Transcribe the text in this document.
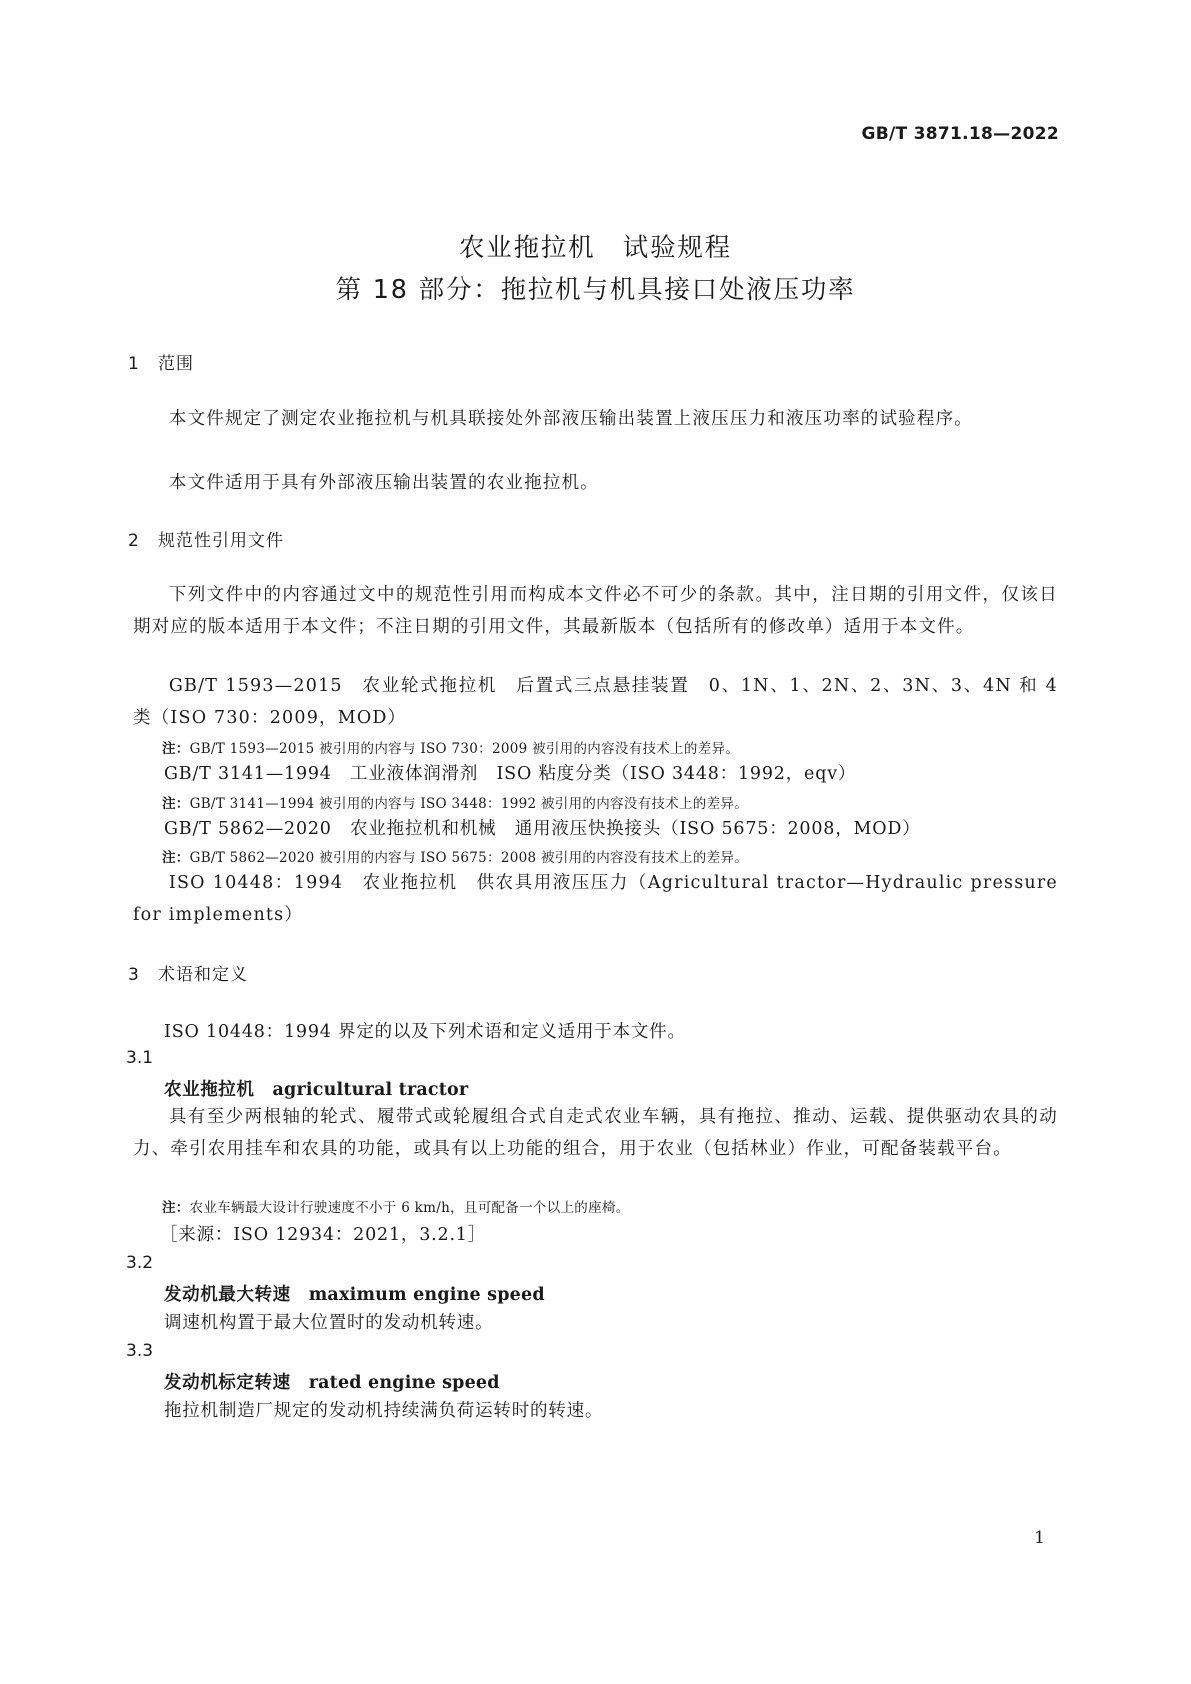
GB/T 3871.18—2022
农业拖拉机　试验规程
第 18 部分：拖拉机与机具接口处液压功率
1 范围

本文件规定了测定农业拖拉机与机具联接处外部液压输出装置上液压压力和液压功率的试验程序。

本文件适用于具有外部液压输出装置的农业拖拉机。

2 规范性引用文件

下列文件中的内容通过文中的规范性引用而构成本文件必不可少的条款。其中，注日期的引用文件，仅该日期对应的版本适用于本文件；不注日期的引用文件，其最新版本（包括所有的修改单）适用于本文件。

GB/T 1593—2015　农业轮式拖拉机　后置式三点悬挂装置　0、1N、1、2N、2、3N、3、4N 和 4 类（ISO 730：2009，MOD）

注：GB/T 1593—2015 被引用的内容与 ISO 730：2009 被引用的内容没有技术上的差异。
GB/T 3141—1994　工业液体润滑剂　ISO 粘度分类（ISO 3448：1992，eqv）
注：GB/T 3141—1994 被引用的内容与 ISO 3448：1992 被引用的内容没有技术上的差异。
GB/T 5862—2020　农业拖拉机和机械　通用液压快换接头（ISO 5675：2008，MOD）
注：GB/T 5862—2020 被引用的内容与 ISO 5675：2008 被引用的内容没有技术上的差异。

ISO 10448：1994　农业拖拉机　供农具用液压压力（Agricultural tractor—Hydraulic pressure for implements）

3 术语和定义
ISO 10448：1994 界定的以及下列术语和定义适用于本文件。
3.1
农业拖拉机 agricultural tractor

具有至少两根轴的轮式、履带式或轮履组合式自走式农业车辆，具有拖拉、推动、运载、提供驱动农具的动力、牵引农用挂车和农具的功能，或具有以上功能的组合，用于农业（包括林业）作业，可配备装载平台。

注：农业车辆最大设计行驶速度不小于 6 km/h，且可配备一个以上的座椅。
［来源：ISO 12934：2021，3.2.1］
3.2
发动机最大转速 maximum engine speed
调速机构置于最大位置时的发动机转速。
3.3
发动机标定转速 rated engine speed
拖拉机制造厂规定的发动机持续满负荷运转时的转速。
1
